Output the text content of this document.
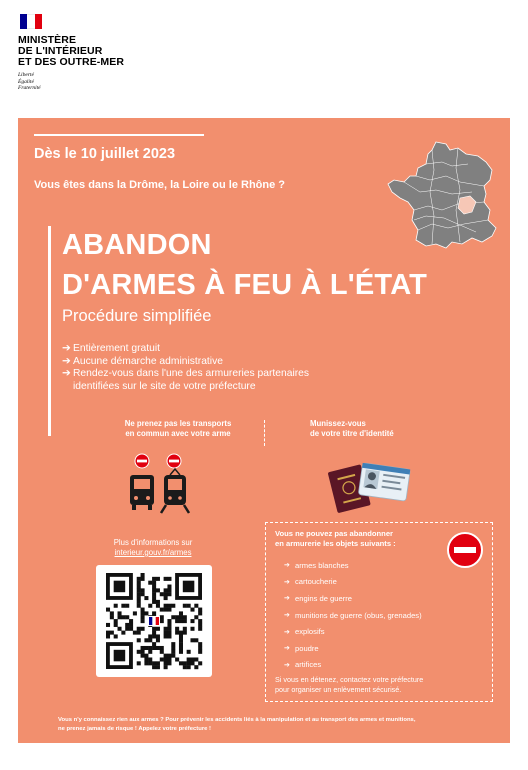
MINISTÈRE
DE L'INTÉRIEUR
ET DES OUTRE-MER
Liberté
Égalité
Fraternité
Dès le 10 juillet 2023
Vous êtes dans la Drôme, la Loire ou le Rhône ?
ABANDON
D'ARMES À FEU À L'ÉTAT
Procédure simplifiée
➔ Entièrement gratuit
➔ Aucune démarche administrative
➔ Rendez-vous dans l'une des armureries partenaires
identifiées sur le site de votre préfecture
Ne prenez pas les transports
en commun avec votre arme
Munissez-vous
de votre titre d'identité
Plus d'informations sur
interieur.gouv.fr/armes
Vous ne pouvez pas abandonner
en armurerie les objets suivants :
➔ armes blanches
➔ cartoucherie
➔ engins de guerre
➔ munitions de guerre (obus, grenades)
➔ explosifs
➔ poudre
➔ artifices
Si vous en détenez, contactez votre préfecture
pour organiser un enlèvement sécurisé.
Vous n'y connaissez rien aux armes ? Pour prévenir les accidents liés à la manipulation et au transport des armes et munitions,
ne prenez jamais de risque ! Appelez votre préfecture !
